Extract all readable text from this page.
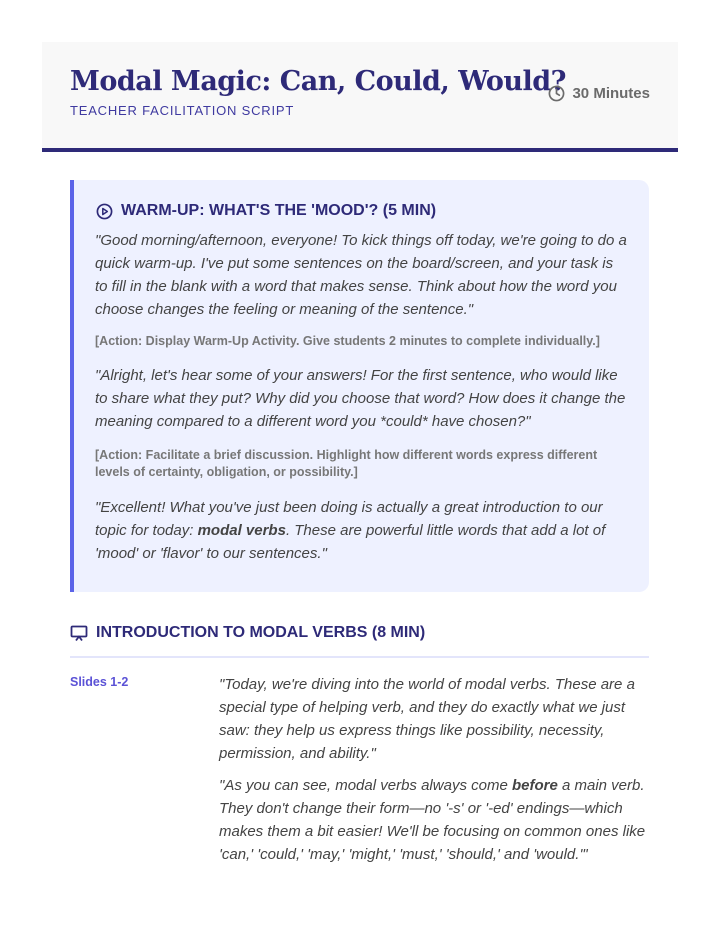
Modal Magic: Can, Could, Would?
TEACHER FACILITATION SCRIPT
30 Minutes
WARM-UP: WHAT'S THE 'MOOD'? (5 MIN)

"Good morning/afternoon, everyone! To kick things off today, we're going to do a quick warm-up. I've put some sentences on the board/screen, and your task is to fill in the blank with a word that makes sense. Think about how the word you choose changes the feeling or meaning of the sentence."

[Action: Display Warm-Up Activity. Give students 2 minutes to complete individually.]

"Alright, let's hear some of your answers! For the first sentence, who would like to share what they put? Why did you choose that word? How does it change the meaning compared to a different word you *could* have chosen?"

[Action: Facilitate a brief discussion. Highlight how different words express different levels of certainty, obligation, or possibility.]

"Excellent! What you've just been doing is actually a great introduction to our topic for today: modal verbs. These are powerful little words that add a lot of 'mood' or 'flavor' to our sentences."

INTRODUCTION TO MODAL VERBS (8 MIN)
Slides 1-2	"Today, we're diving into the world of modal verbs. These are a special type of helping verb, and they do exactly what we just saw: they help us express things like possibility, necessity, permission, and ability."

"As you can see, modal verbs always come before a main verb. They don't change their form—no '-s' or '-ed' endings—which makes them a bit easier! We'll be focusing on common ones like 'can,' 'could,' 'may,' 'might,' 'must,' 'should,' and 'would.'"
